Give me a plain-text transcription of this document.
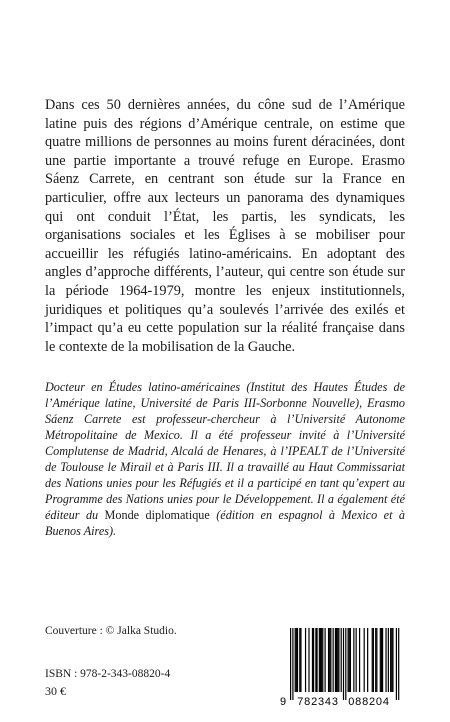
Dans ces 50 dernières années, du cône sud de l’Amérique latine puis des régions d’Amérique centrale, on estime que quatre millions de personnes au moins furent déracinées, dont une partie importante a trouvé refuge en Europe. Erasmo Sáenz Carrete, en centrant son étude sur la France en particulier, offre aux lecteurs un panorama des dynamiques qui ont conduit l’État, les partis, les syndicats, les organisations sociales et les Églises à se mobiliser pour accueillir les réfugiés latino-américains. En adoptant des angles d’approche différents, l’auteur, qui centre son étude sur la période 1964-1979, montre les enjeux institutionnels, juridiques et politiques qu’a soulevés l’arrivée des exilés et l’impact qu’a eu cette population sur la réalité française dans le contexte de la mobilisation de la Gauche.

Docteur en Études latino-américaines (Institut des Hautes Études de l’Amérique latine, Université de Paris III-Sorbonne Nouvelle), Erasmo Sáenz Carrete est professeur-chercheur à l’Université Autonome Métropolitaine de Mexico. Il a été professeur invité à l’Université Complutense de Madrid, Alcalá de Henares, à l’IPEALT de l’Université de Toulouse le Mirail et à Paris III. Il a travaillé au Haut Commissariat des Nations unies pour les Réfugiés et il a participé en tant qu’expert au Programme des Nations unies pour le Développement. Il a également été éditeur du Monde diplomatique (édition en espagnol à Mexico et à Buenos Aires).

Couverture : © Jalka Studio.
ISBN : 978-2-343-08820-4
30 €
9 782343 088204
